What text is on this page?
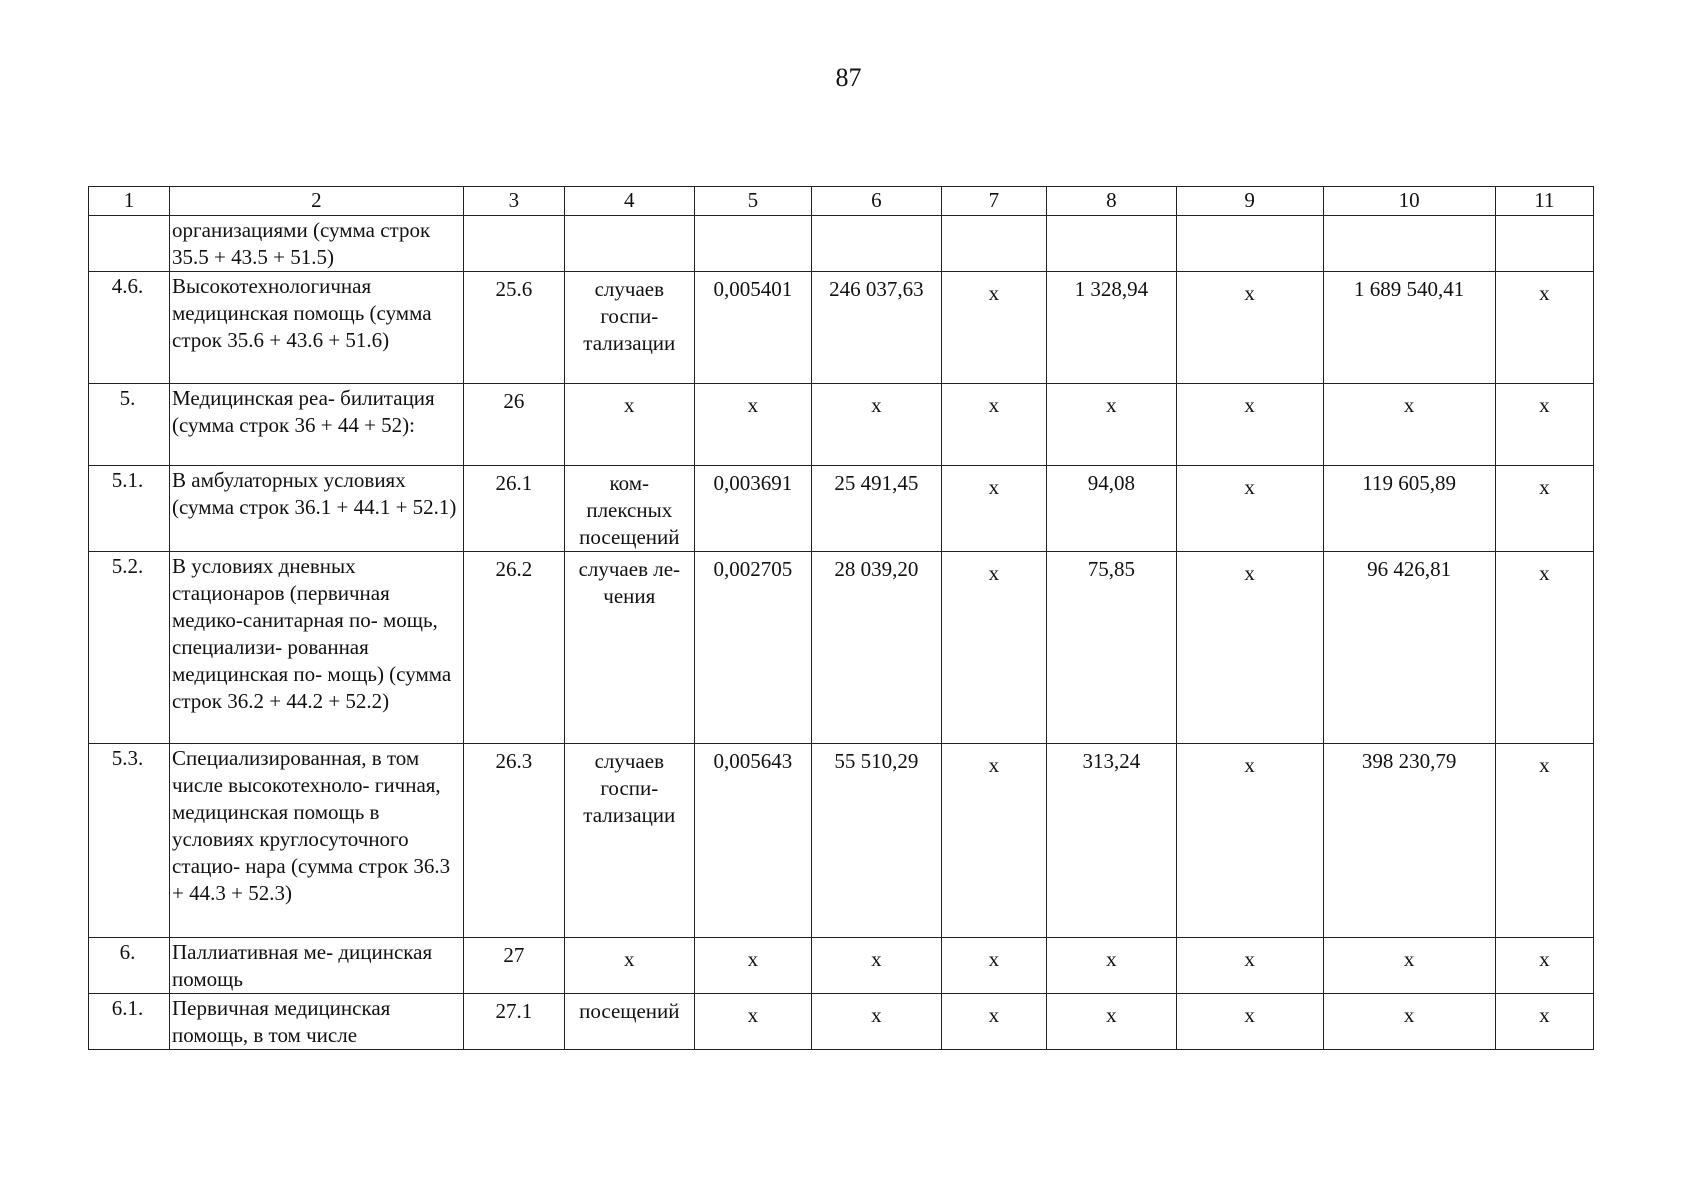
87
1	2	3	4	5	6	7	8	9	10	11
	организациями (сумма строк 35.5 + 43.5 + 51.5)									
4.6.	Высокотехнологичная медицинская помощь (сумма строк 35.6 + 43.6 + 51.6)	25.6	случаев госпи- тализации	0,005401	246 037,63	х	1 328,94	х	1 689 540,41	х
5.	Медицинская реа- билитация (сумма строк 36 + 44 + 52):	26	х	х	х	х	х	х	х	х
5.1.	В амбулаторных условиях (сумма строк 36.1 + 44.1 + 52.1)	26.1	ком- плексных посещений	0,003691	25 491,45	х	94,08	х	119 605,89	х
5.2.	В условиях дневных стационаров (первичная медико-санитарная по- мощь, специализи- рованная медицинская по- мощь) (сумма строк 36.2 + 44.2 + 52.2)	26.2	случаев ле- чения	0,002705	28 039,20	х	75,85	х	96 426,81	х
5.3.	Специализированная, в том числе высокотехноло- гичная, медицинская помощь в условиях круглосуточного стацио- нара (сумма строк 36.3 + 44.3 + 52.3)	26.3	случаев госпи- тализации	0,005643	55 510,29	х	313,24	х	398 230,79	х
6.	Паллиативная ме- дицинская помощь	27	х	х	х	х	х	х	х	х
6.1.	Первичная медицинская помощь, в том числе	27.1	посещений	х	х	х	х	х	х	х
